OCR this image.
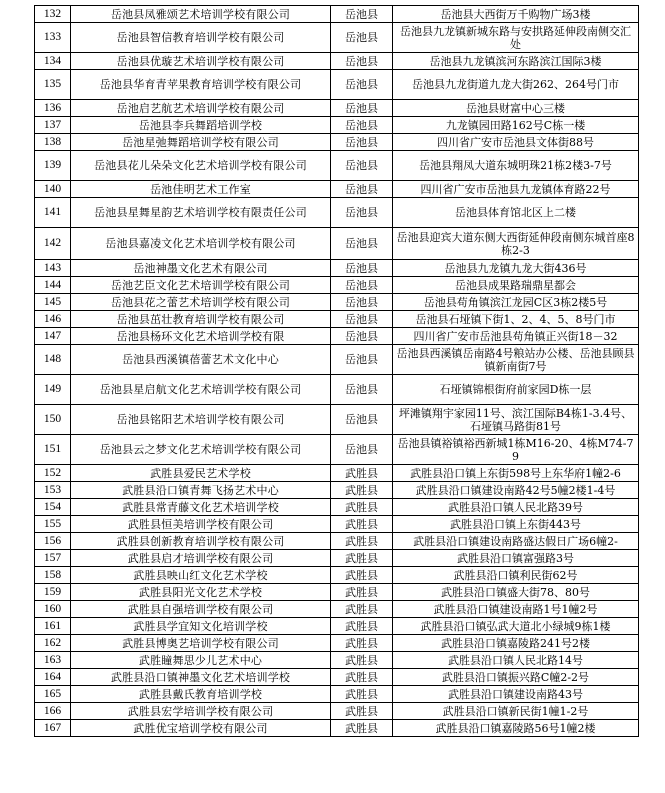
132	岳池县凤雅颂艺术培训学校有限公司	岳池县	岳池县大西街万千购物广场3楼
133	岳池县智信教育培训学校有限公司	岳池县	岳池县九龙镇新城东路与安拱路延伸段南侧交汇处
134	岳池县优璇艺术培训学校有限公司	岳池县	岳池县九龙镇滨河东路滨江国际3楼
135	岳池县华育青苹果教育培训学校有限公司	岳池县	岳池县九龙街道九龙大街262、264号门市
136	岳池启艺航艺术培训学校有限公司	岳池县	岳池县财富中心三楼
137	岳池县李兵舞蹈培训学校	岳池县	九龙镇园田路162号C栋一楼
138	岳池星弛舞蹈培训学校有限公司	岳池县	四川省广安市岳池县文体街88号
139	岳池县花儿朵朵文化艺术培训学校有限公司	岳池县	岳池县翔凤大道东城明珠21栋2楼3-7号
140	岳池佳明艺术工作室	岳池县	四川省广安市岳池县九龙镇体育路22号
141	岳池县星舞星韵艺术培训学校有限责任公司	岳池县	岳池县体育馆北区上二楼
142	岳池县嘉凌文化艺术培训学校有限公司	岳池县	岳池县迎宾大道东侧大西街延伸段南侧东城首座8栋2-3
143	岳池神墨文化艺术有限公司	岳池县	岳池县九龙镇九龙大街436号
144	岳池艺臣文化艺术培训学校有限公司	岳池县	岳池县成果路瑞鼎星都会
145	岳池县花之蕾艺术培训学校有限公司	岳池县	岳池县苟角镇滨江龙园C区3栋2楼5号
146	岳池县茁壮教育培训学校有限公司	岳池县	岳池县石垭镇下街1、2、4、5、8号门市
147	岳池县杨环文化艺术培训学校有限	岳池县	四川省广安市岳池县苟角镇正兴街18－32
148	岳池县西溪镇蓓蕾艺术文化中心	岳池县	岳池县西溪镇岳南路4号粮站办公楼、岳池县顾县镇新南街7号
149	岳池县星启航文化艺术培训学校有限公司	岳池县	石垭镇锦根街府前家园D栋一层
150	岳池县铭阳艺术培训学校有限公司	岳池县	坪滩镇翔宇家园11号、滨江国际B4栋1-3.4号、石垭镇马路街81号
151	岳池县云之梦文化艺术培训学校有限公司	岳池县	岳池县镇裕镇裕西新城1栋M16-20、4栋M74-79
152	武胜县爱民艺术学校	武胜县	武胜县沿口镇上东街598号上东华府1幢2-6
153	武胜县沿口镇青舞飞扬艺术中心	武胜县	武胜县沿口镇建设南路42号5幢2楼1-4号
154	武胜县常青藤文化艺术培训学校	武胜县	武胜县沿口镇人民北路39号
155	武胜县恒美培训学校有限公司	武胜县	武胜县沿口镇上东街443号
156	武胜县创新教育培训学校有限公司	武胜县	武胜县沿口镇建设南路盛达假日广场6幢2-
157	武胜县启才培训学校有限公司	武胜县	武胜县沿口镇富强路3号
158	武胜县映山红文化艺术学校	武胜县	武胜县沿口镇利民街62号
159	武胜县阳光文化艺术学校	武胜县	武胜县沿口镇盛大街78、80号
160	武胜县自强培训学校有限公司	武胜县	武胜县沿口镇建设南路1号1幢2号
161	武胜县学宜知文化培训学校	武胜县	武胜县沿口镇弘武大道北小绿城9栋1楼
162	武胜县博奥艺培训学校有限公司	武胜县	武胜县沿口镇嘉陵路241号2楼
163	武胜瞳舞思少儿艺术中心	武胜县	武胜县沿口镇人民北路14号
164	武胜县沿口镇神墨文化艺术培训学校	武胜县	武胜县沿口镇振兴路C幢2-2号
165	武胜县戴氏教育培训学校	武胜县	武胜县沿口镇建设南路43号
166	武胜县宏学培训学校有限公司	武胜县	武胜县沿口镇新民街1幢1-2号
167	武胜优宝培训学校有限公司	武胜县	武胜县沿口镇嘉陵路56号1幢2楼
